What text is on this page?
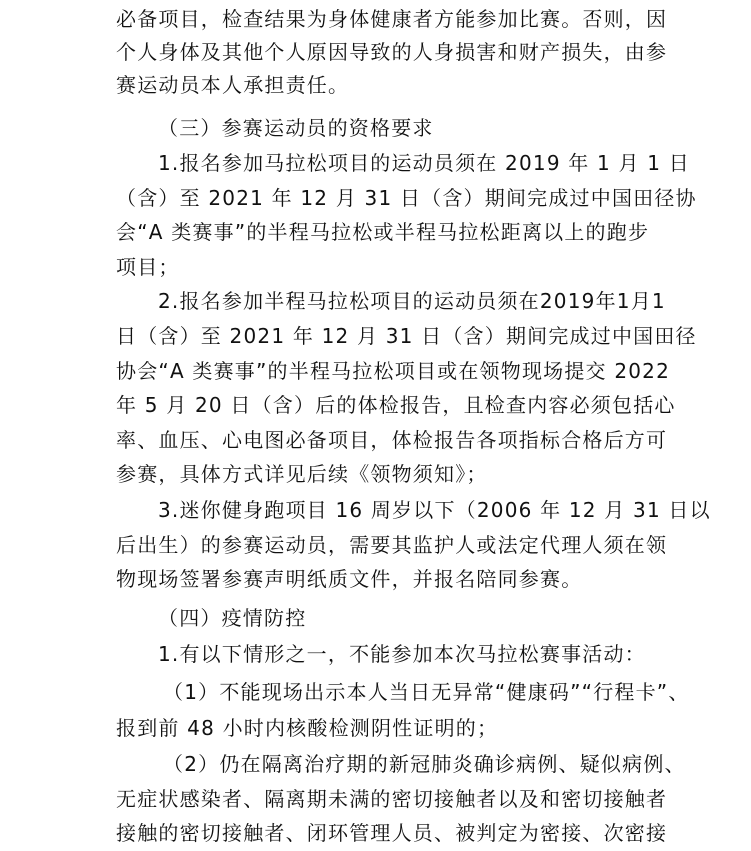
必备项目，检查结果为身体健康者方能参加比赛。否则，因
个人身体及其他个人原因导致的人身损害和财产损失，由参
赛运动员本人承担责任。
（三）参赛运动员的资格要求
1.报名参加马拉松项目的运动员须在 2019 年 1 月 1 日
（含）至 2021 年 12 月 31 日（含）期间完成过中国田径协
会“A 类赛事”的半程马拉松或半程马拉松距离以上的跑步
项目；
2.报名参加半程马拉松项目的运动员须在2019年1月1
日（含）至 2021 年 12 月 31 日（含）期间完成过中国田径
协会“A 类赛事”的半程马拉松项目或在领物现场提交 2022
年 5 月 20 日（含）后的体检报告，且检查内容必须包括心
率、血压、心电图必备项目，体检报告各项指标合格后方可
参赛，具体方式详见后续《领物须知》；
3.迷你健身跑项目 16 周岁以下（2006 年 12 月 31 日以
后出生）的参赛运动员，需要其监护人或法定代理人须在领
物现场签署参赛声明纸质文件，并报名陪同参赛。
（四）疫情防控
1.有以下情形之一，不能参加本次马拉松赛事活动：
（1）不能现场出示本人当日无异常“健康码”“行程卡”、
报到前 48 小时内核酸检测阴性证明的；
（2）仍在隔离治疗期的新冠肺炎确诊病例、疑似病例、
无症状感染者、隔离期未满的密切接触者以及和密切接触者
接触的密切接触者、闭环管理人员、被判定为密接、次密接
